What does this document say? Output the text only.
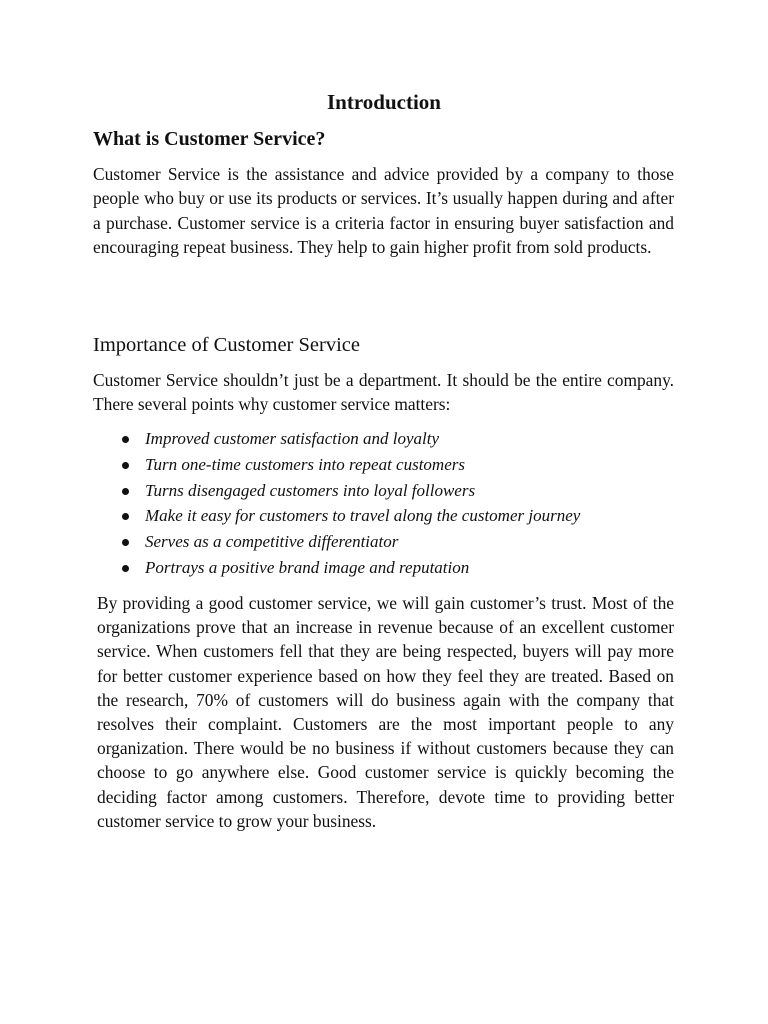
Introduction
What is Customer Service?

Customer Service is the assistance and advice provided by a company to those people who buy or use its products or services. It’s usually happen during and after a purchase. Customer service is a criteria factor in ensuring buyer satisfaction and encouraging repeat business. They help to gain higher profit from sold products.

Importance of Customer Service

Customer Service shouldn’t just be a department. It should be the entire company. There several points why customer service matters:

Improved customer satisfaction and loyalty
Turn one-time customers into repeat customers
Turns disengaged customers into loyal followers
Make it easy for customers to travel along the customer journey
Serves as a competitive differentiator
Portrays a positive brand image and reputation

By providing a good customer service, we will gain customer’s trust. Most of the organizations prove that an increase in revenue because of an excellent customer service. When customers fell that they are being respected, buyers will pay more for better customer experience based on how they feel they are treated. Based on the research, 70% of customers will do business again with the company that resolves their complaint. Customers are the most important people to any organization. There would be no business if without customers because they can choose to go anywhere else. Good customer service is quickly becoming the deciding factor among customers. Therefore, devote time to providing better customer service to grow your business.
